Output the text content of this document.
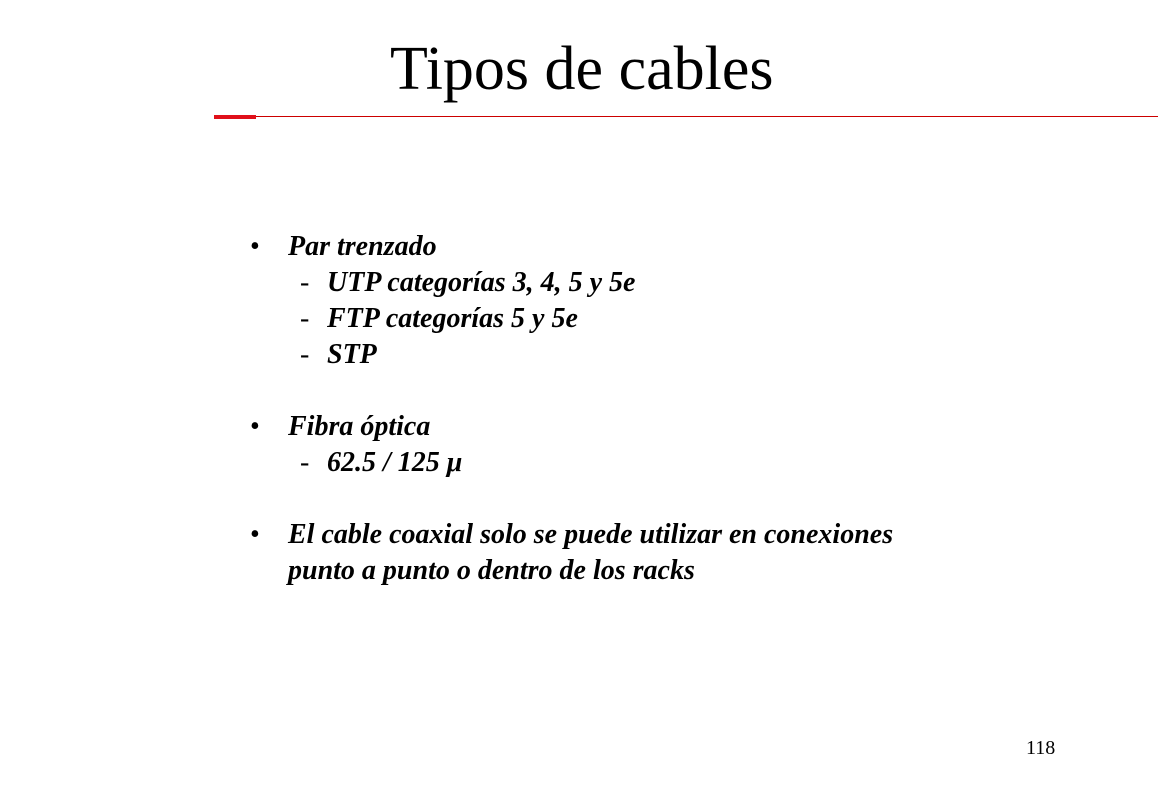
Tipos de cables
• Par trenzado
- UTP categorías 3, 4, 5 y 5e
- FTP categorías 5 y 5e
- STP
• Fibra óptica
- 62.5 / 125 μ
• El cable coaxial solo se puede utilizar en conexiones
punto a punto o dentro de los racks
118
